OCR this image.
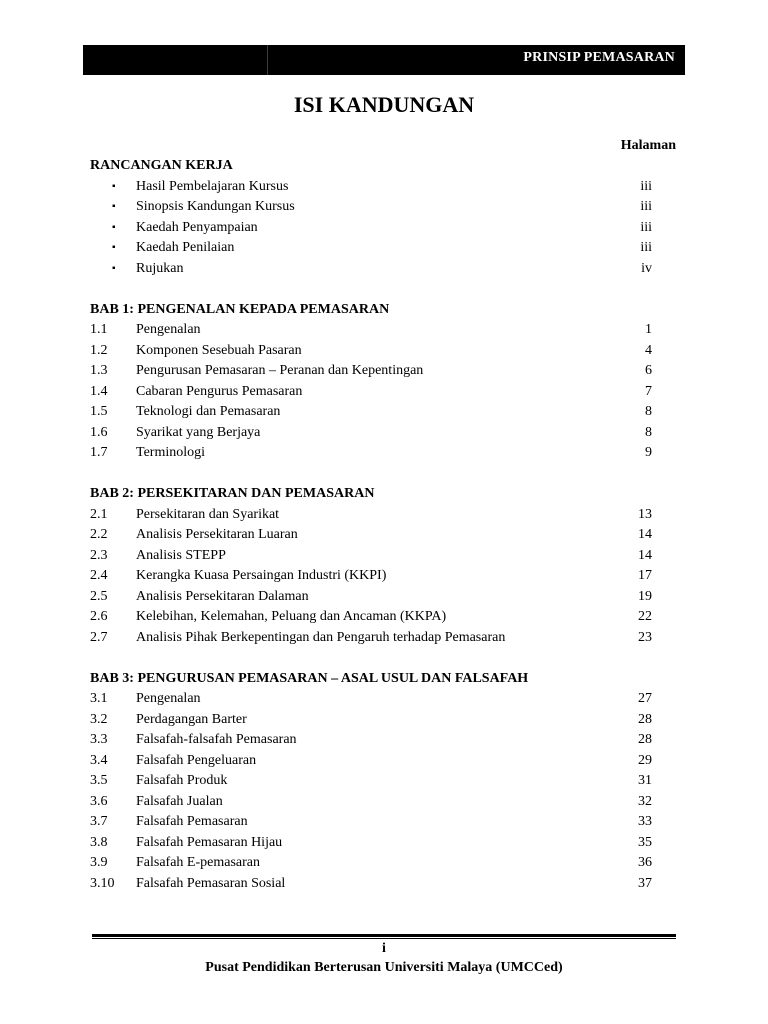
PRINSIP PEMASARAN
ISI KANDUNGAN
Halaman
RANCANGAN KERJA
▪ Hasil Pembelajaran Kursus	iii
▪ Sinopsis Kandungan Kursus	iii
▪ Kaedah Penyampaian	iii
▪ Kaedah Penilaian	iii
▪ Rujukan	iv
BAB 1: PENGENALAN KEPADA PEMASARAN
1.1 Pengenalan	1
1.2 Komponen Sesebuah Pasaran	4
1.3 Pengurusan Pemasaran – Peranan dan Kepentingan	6
1.4 Cabaran Pengurus Pemasaran	7
1.5 Teknologi dan Pemasaran	8
1.6 Syarikat yang Berjaya	8
1.7 Terminologi	9
BAB 2: PERSEKITARAN DAN PEMASARAN
2.1 Persekitaran dan Syarikat	13
2.2 Analisis Persekitaran Luaran	14
2.3 Analisis STEPP	14
2.4 Kerangka Kuasa Persaingan Industri (KKPI)	17
2.5 Analisis Persekitaran Dalaman	19
2.6 Kelebihan, Kelemahan, Peluang dan Ancaman (KKPA)	22
2.7 Analisis Pihak Berkepentingan dan Pengaruh terhadap Pemasaran	23
BAB 3: PENGURUSAN PEMASARAN – ASAL USUL DAN FALSAFAH
3.1 Pengenalan	27
3.2 Perdagangan Barter	28
3.3 Falsafah-falsafah Pemasaran	28
3.4 Falsafah Pengeluaran	29
3.5 Falsafah Produk	31
3.6 Falsafah Jualan	32
3.7 Falsafah Pemasaran	33
3.8 Falsafah Pemasaran Hijau	35
3.9 Falsafah E-pemasaran	36
3.10 Falsafah Pemasaran Sosial	37
i
Pusat Pendidikan Berterusan Universiti Malaya (UMCCed)
